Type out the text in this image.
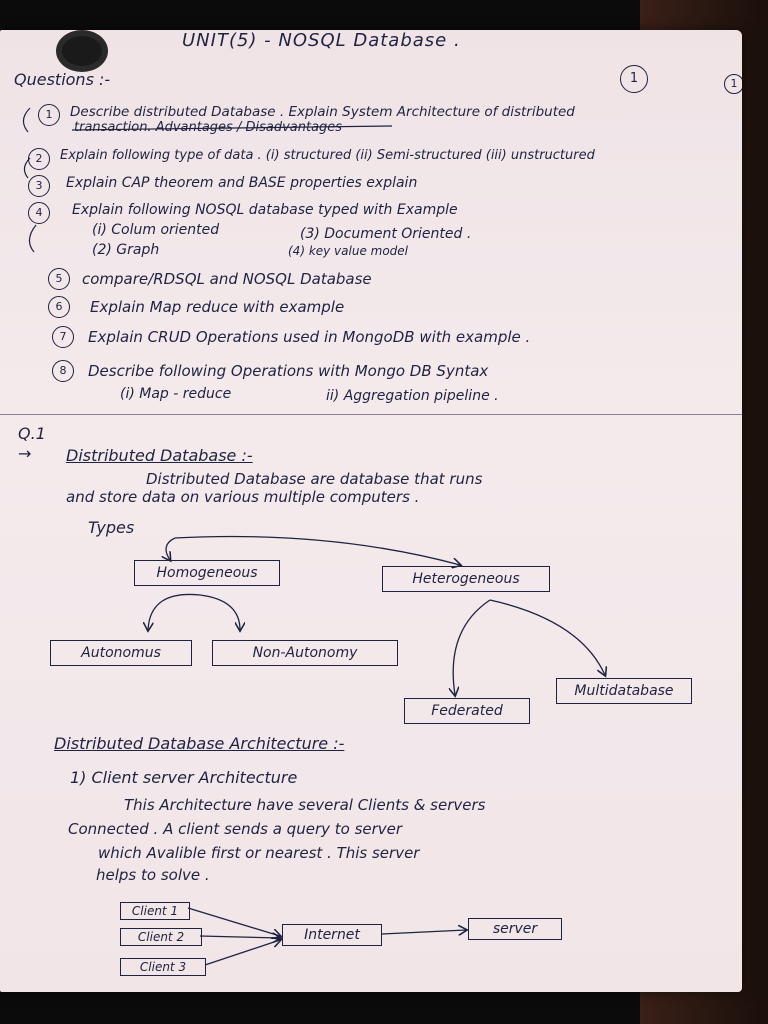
UNIT(5) - NOSQL Database .
1	1
Questions :-
1	Describe distributed Database . Explain System Architecture of distributed
transaction. Advantages / Disadvantages
2	Explain following type of data . (i) structured (ii) Semi-structured (iii) unstructured
3	Explain CAP theorem and BASE properties explain
4	Explain following NOSQL database typed with Example
(i) Colum oriented	(3) Document Oriented .
(2) Graph	(4) key value model
5	compare/RDSQL and NOSQL Database
6	Explain Map reduce with example
7	Explain CRUD Operations used in MongoDB with example .
8	Describe following Operations with Mongo DB Syntax
(i) Map - reduce	ii) Aggregation pipeline .
Q.1
→ Distributed Database :-
Distributed Database are database that runs
and store data on various multiple computers .
Types
Homogeneous	Heterogeneous
Autonomus	Non-Autonomy
Federated
Multidatabase
Distributed Database Architecture :-
1) Client server Architecture
This Architecture have several Clients & servers
Connected . A client sends a query to server
which Avalible first or nearest . This server
helps to solve .
Client 1
Client 2
Client 3
Internet	server
